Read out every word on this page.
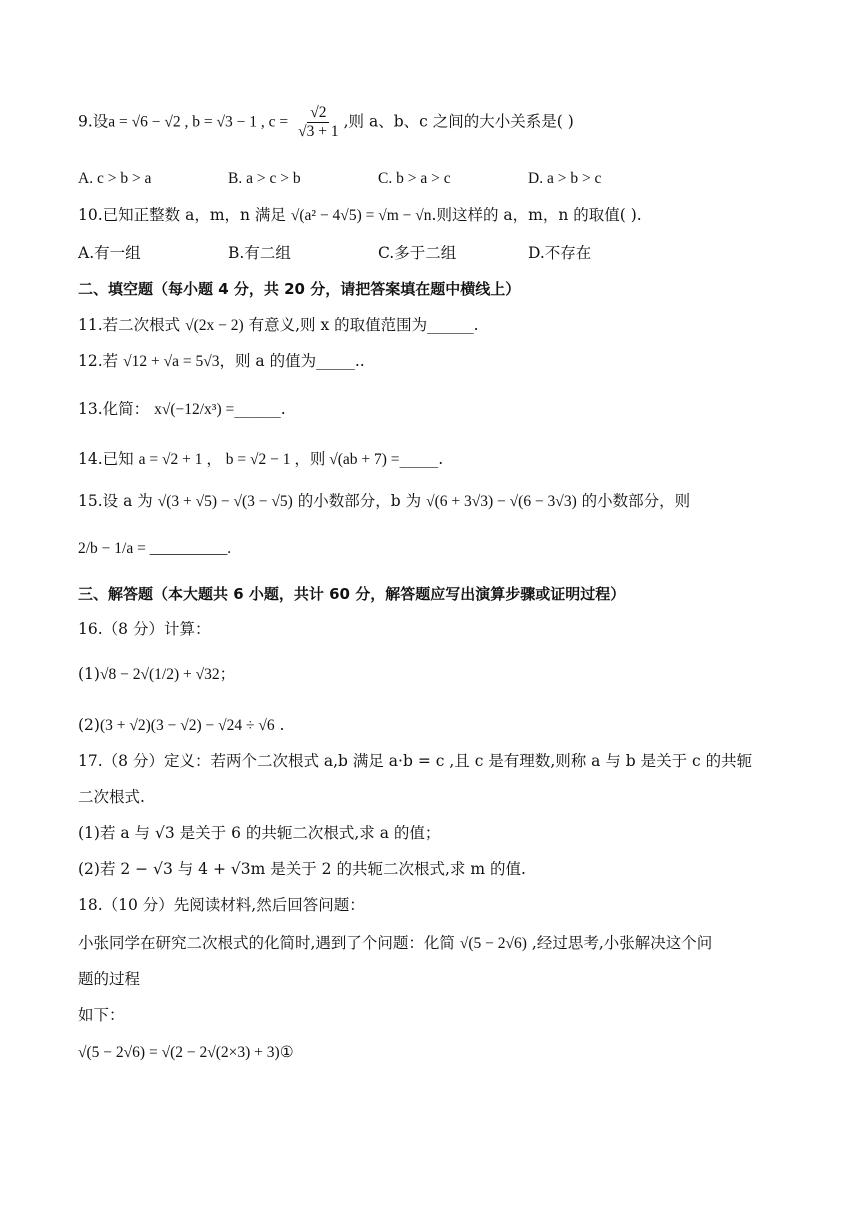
9.设a = √6 − √2 , b = √3 − 1 , $c = \frac{√2}{√3 + 1}$ ,则 a、b、c 之间的大小关系是( )
A. c > b > a	B. a > c > b	C. b > a > c	D. a > b > c
10.已知正整数 a，m，n 满足 √(a² − 4√5) = √m − √n.则这样的 a，m，n 的取值( ).
A.有一组	B.有二组	C.多于二组	D.不存在
二、填空题（每小题 4 分，共 20 分，请把答案填在题中横线上）
11.若二次根式 √(2x − 2) 有意义,则 x 的取值范围为______.
12.若 √12 + √a = 5√3，则 a 的值为_____..
13.化简： x√(−12/x³) =______.
14.已知 a = √2 + 1 ， b = √2 − 1 ，则 √(ab + 7) =_____.
15.设 a 为 √(3 + √5) − √(3 − √5) 的小数部分，b 为 √(6 + 3√3) − √(6 − 3√3) 的小数部分，则
2/b − 1/a = __________.
三、解答题（本大题共 6 小题，共计 60 分，解答题应写出演算步骤或证明过程）
16.（8 分）计算：
(1)√8 − 2√(1/2) + √32；
(2)(3 + √2)(3 − √2) − √24 ÷ √6 .
17.（8 分）定义：若两个二次根式 a,b 满足 a·b = c ,且 c 是有理数,则称 a 与 b 是关于 c 的共轭
二次根式.
(1)若 a 与 √3 是关于 6 的共轭二次根式,求 a 的值；
(2)若 2 − √3 与 4 + √3m 是关于 2 的共轭二次根式,求 m 的值.
18.（10 分）先阅读材料,然后回答问题：
小张同学在研究二次根式的化简时,遇到了个问题：化简 √(5 − 2√6) ,经过思考,小张解决这个问
题的过程
如下：
√(5 − 2√6) = √(2 − 2√(2×3) + 3)①
